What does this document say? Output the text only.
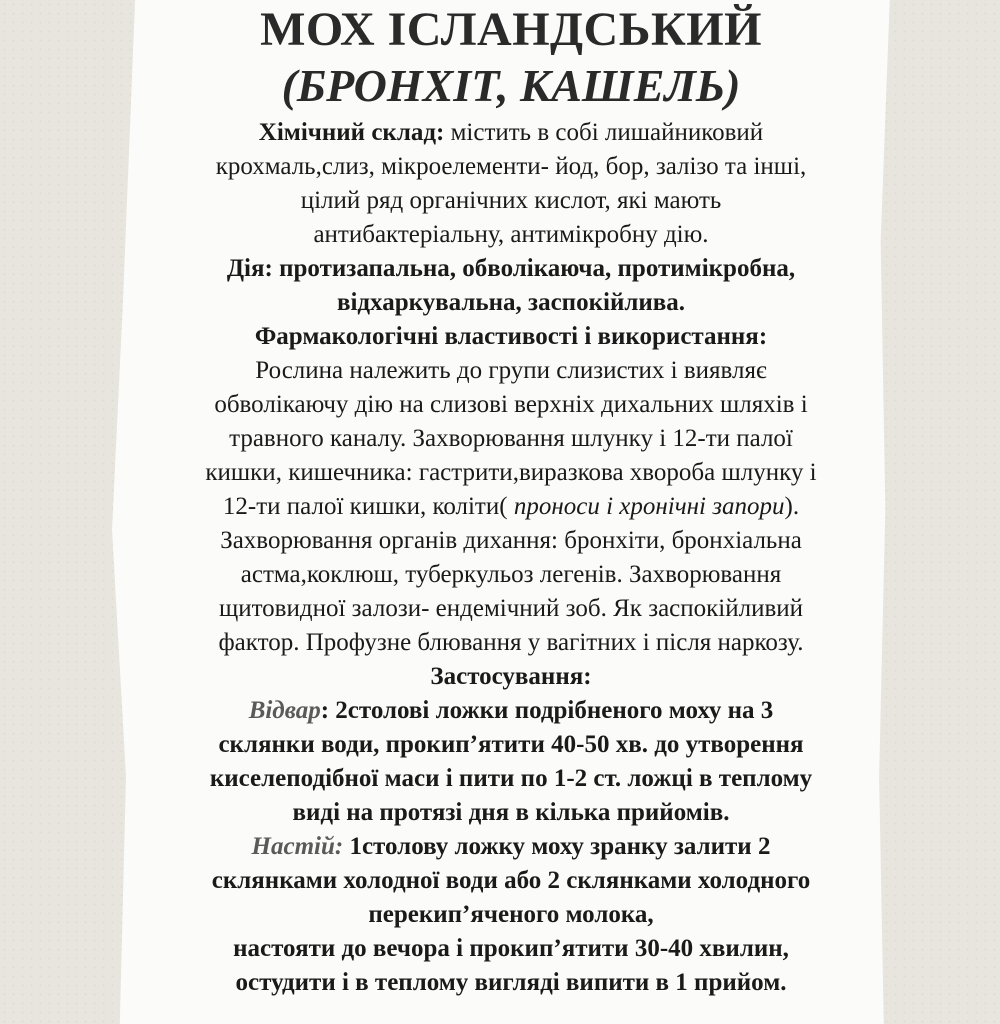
МОХ ІСЛАНДСЬКИЙ
(БРОНХІТ, КАШЕЛЬ)
Хімічний склад: містить в собі лишайниковий
крохмаль,слиз, мікроелементи- йод, бор, залізо та інші,
цілий ряд органічних кислот, які мають
антибактеріальну, антимікробну дію.
Дія: протизапальна, обволікаюча, протимікробна,
відхаркувальна, заспокійлива.
Фармакологічні властивості і використання:
Рослина належить до групи слизистих і виявляє
обволікаючу дію на слизові верхніх дихальних шляхів і
травного каналу. Захворювання шлунку і 12-ти палої
кишки, кишечника: гастрити,виразкова хвороба шлунку і
12-ти палої кишки, коліти( проноси і хронічні запори).
Захворювання органів дихання: бронхіти, бронхіальна
астма,коклюш, туберкульоз легенів. Захворювання
щитовидної залози- ендемічний зоб. Як заспокійливий
фактор. Профузне блювання у вагітних і після наркозу.
Застосування:
Відвар: 2столові ложки подрібненого моху на 3
склянки води, прокип’ятити 40-50 хв. до утворення
киселеподібної маси і пити по 1-2 ст. ложці в теплому
виді на протязі дня в кілька прийомів.
Настій: 1столову ложку моху зранку залити 2
склянками холодної води або 2 склянками холодного
перекип’яченого молока,
настояти до вечора і прокип’ятити 30-40 хвилин,
остудити і в теплому вигляді випити в 1 прийом.
